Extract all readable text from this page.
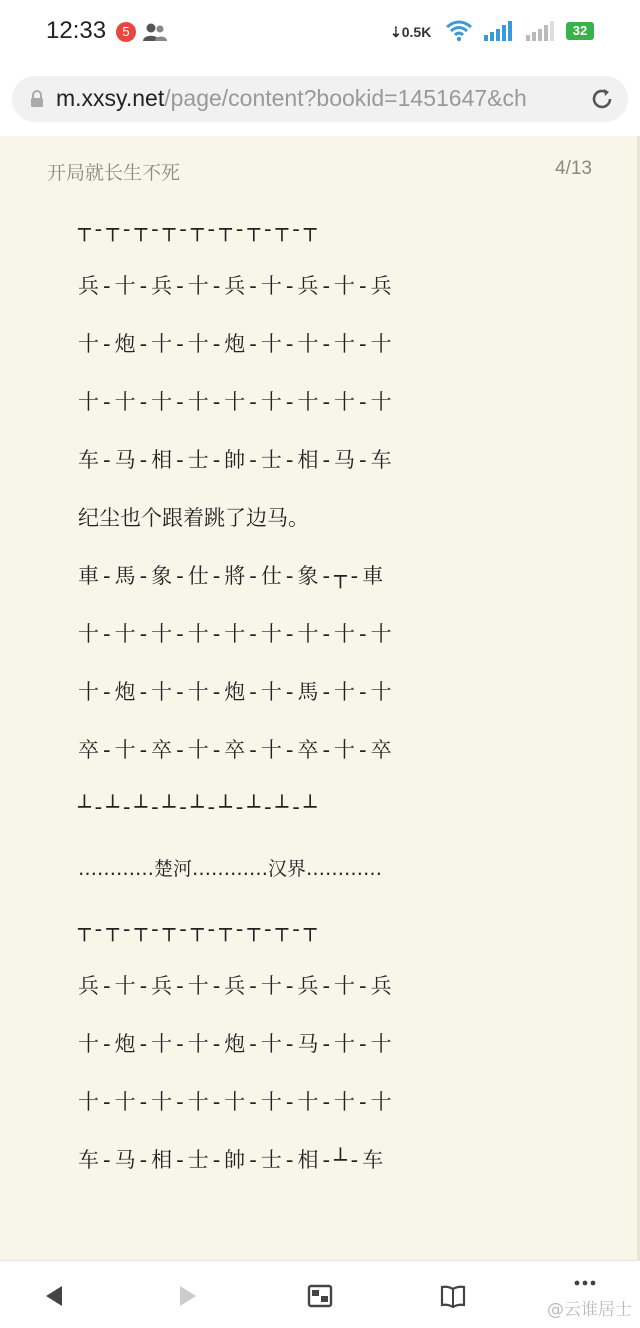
12:33	5	⇣0.5K	32
m.xxsy.net/page/content?bookid=1451647&ch
开局就长生不死	4/13
┬-┬-┬-┬-┬-┬-┬-┬-┬
兵-十-兵-十-兵-十-兵-十-兵
十-炮-十-十-炮-十-十-十-十
十-十-十-十-十-十-十-十-十
车-马-相-士-帥-士-相-马-车
纪尘也个跟着跳了边马。
車-馬-象-仕-將-仕-象-┬-車
十-十-十-十-十-十-十-十-十
十-炮-十-十-炮-十-馬-十-十
卒-十-卒-十-卒-十-卒-十-卒
┴-┴-┴-┴-┴-┴-┴-┴-┴
…………楚河…………汉界…………
┬-┬-┬-┬-┬-┬-┬-┬-┬
兵-十-兵-十-兵-十-兵-十-兵
十-炮-十-十-炮-十-马-十-十
十-十-十-十-十-十-十-十-十
车-马-相-士-帥-士-相-┴-车
@云谁居士
